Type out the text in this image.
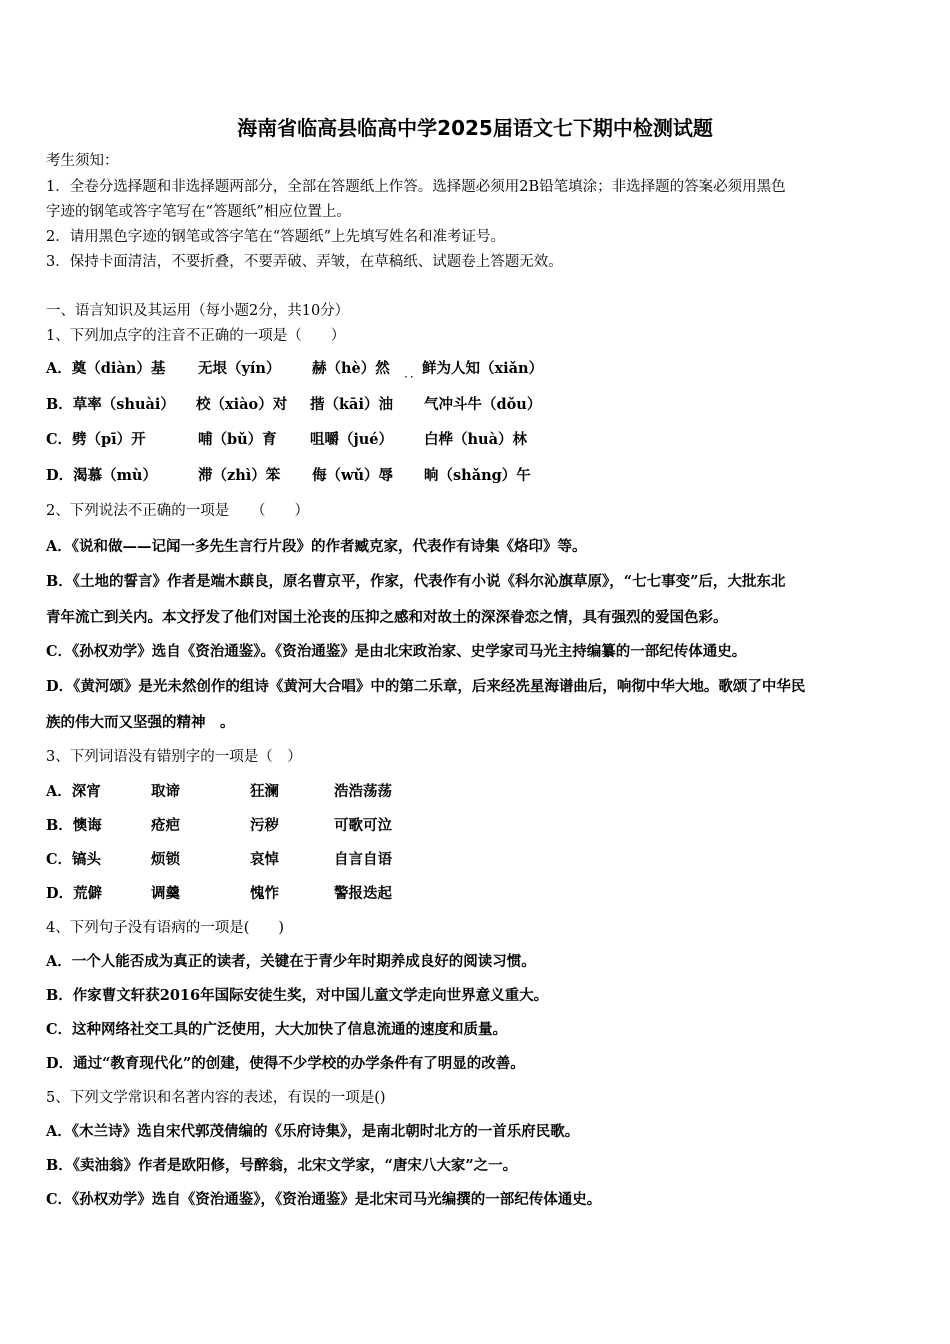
海南省临高县临高中学2025届语文七下期中检测试题
考生须知：
1．全卷分选择题和非选择题两部分，全部在答题纸上作答。选择题必须用2B铅笔填涂；非选择题的答案必须用黑色
字迹的钢笔或答字笔写在“答题纸”相应位置上。
2．请用黑色字迹的钢笔或答字笔在“答题纸”上先填写姓名和准考证号。
3．保持卡面清洁，不要折叠，不要弄破、弄皱，在草稿纸、试题卷上答题无效。
一、语言知识及其运用（每小题2分，共10分）
1、下列加点字的注音不正确的一项是（　　）
A．奠（diàn）基 无垠（yín） 赫（hè）然 鲜为人知（xiǎn）
··
B．草率（shuài） 校（xiào）对 揩（kāi）油 气冲斗牛（dǒu）
C．劈（pī）开	哺（bǔ）育 咀嚼（jué） 白桦（huà）林
D．渴慕（mù）	滞（zhì）笨 侮（wǔ）辱 晌（shǎng）午
2、下列说法不正确的一项是　　（　　）
A．《说和做——记闻一多先生言行片段》的作者臧克家，代表作有诗集《烙印》等。
B．《土地的誓言》作者是端木蕻良，原名曹京平，作家，代表作有小说《科尔沁旗草原》，“七七事变”后，大批东北
青年流亡到关内。本文抒发了他们对国土沦丧的压抑之感和对故土的深深眷恋之情，具有强烈的爱国色彩。
C．《孙权劝学》选自《资治通鉴》。《资治通鉴》是由北宋政治家、史学家司马光主持编纂的一部纪传体通史。
D．《黄河颂》是光未然创作的组诗《黄河大合唱》中的第二乐章，后来经冼星海谱曲后，响彻中华大地。歌颂了中华民
族的伟大而又坚强的精神　。
3、下列词语没有错别字的一项是（　）
A．深宵	取谛	狂澜	浩浩荡荡
B．懊诲	疮疤	污秽	可歌可泣
C．镐头	烦锁	哀悼	自言自语
D．荒僻	调羹	愧怍	警报迭起
4、下列句子没有语病的一项是(　　)
A．一个人能否成为真正的读者，关键在于青少年时期养成良好的阅读习惯。
B．作家曹文轩获2016年国际安徒生奖，对中国儿童文学走向世界意义重大。
C．这种网络社交工具的广泛使用，大大加快了信息流通的速度和质量。
D．通过“教育现代化”的创建，使得不少学校的办学条件有了明显的改善。
5、下列文学常识和名著内容的表述，有误的一项是()
A．《木兰诗》选自宋代郭茂倩编的《乐府诗集》，是南北朝时北方的一首乐府民歌。
B．《卖油翁》作者是欧阳修，号醉翁，北宋文学家，“唐宋八大家”之一。
C．《孙权劝学》选自《资治通鉴》，《资治通鉴》是北宋司马光编撰的一部纪传体通史。
